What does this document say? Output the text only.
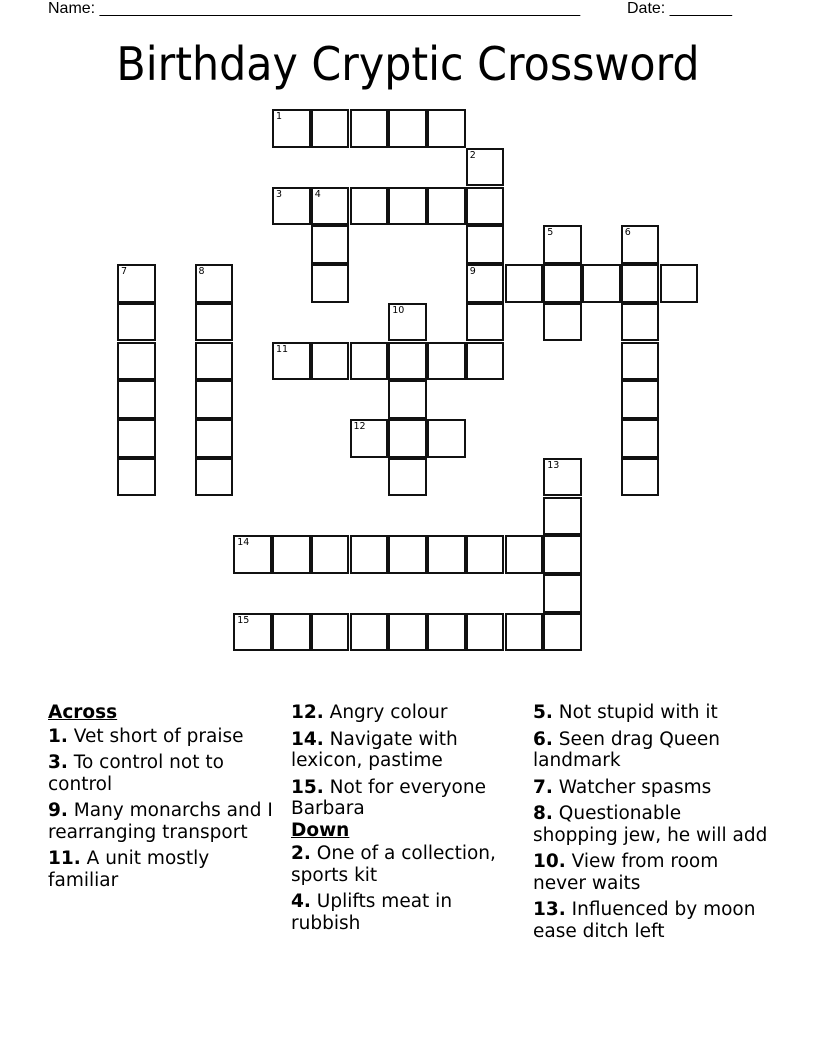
Name: ______________________________________________________	Date: _______
Birthday Cryptic Crossword
1
2
9
3	4
5	6
7	8
10
11
12
13
14
15
Across
1. Vet short of praise
3. To control not to control
9. Many monarchs and I rearranging transport
11. A unit mostly familiar
12. Angry colour
14. Navigate with lexicon, pastime
15. Not for everyone Barbara
Down
2. One of a collection, sports kit
4. Uplifts meat in rubbish
5. Not stupid with it
6. Seen drag Queen landmark
7. Watcher spasms
8. Questionable shopping jew, he will add
10. View from room never waits
13. Influenced by moon ease ditch left
